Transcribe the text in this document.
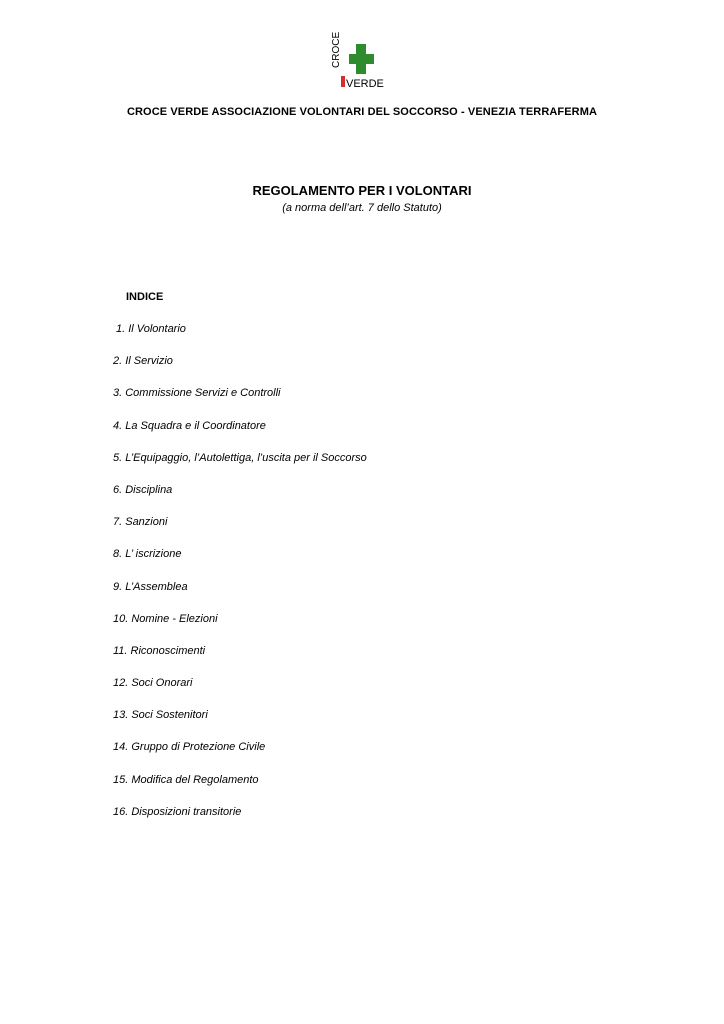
CROCE
VERDE
CROCE VERDE ASSOCIAZIONE VOLONTARI DEL SOCCORSO - VENEZIA TERRAFERMA
REGOLAMENTO PER I VOLONTARI
(a norma dell’art. 7 dello Statuto)
INDICE
1. Il Volontario
2. Il Servizio
3. Commissione Servizi e Controlli
4. La Squadra e il Coordinatore
5. L’Equipaggio, l’Autolettiga, l’uscita per il Soccorso
6. Disciplina
7. Sanzioni
8. L’ iscrizione
9. L’Assemblea
10. Nomine - Elezioni
11. Riconoscimenti
12. Soci Onorari
13. Soci Sostenitori
14. Gruppo di Protezione Civile
15. Modifica del Regolamento
16. Disposizioni transitorie
